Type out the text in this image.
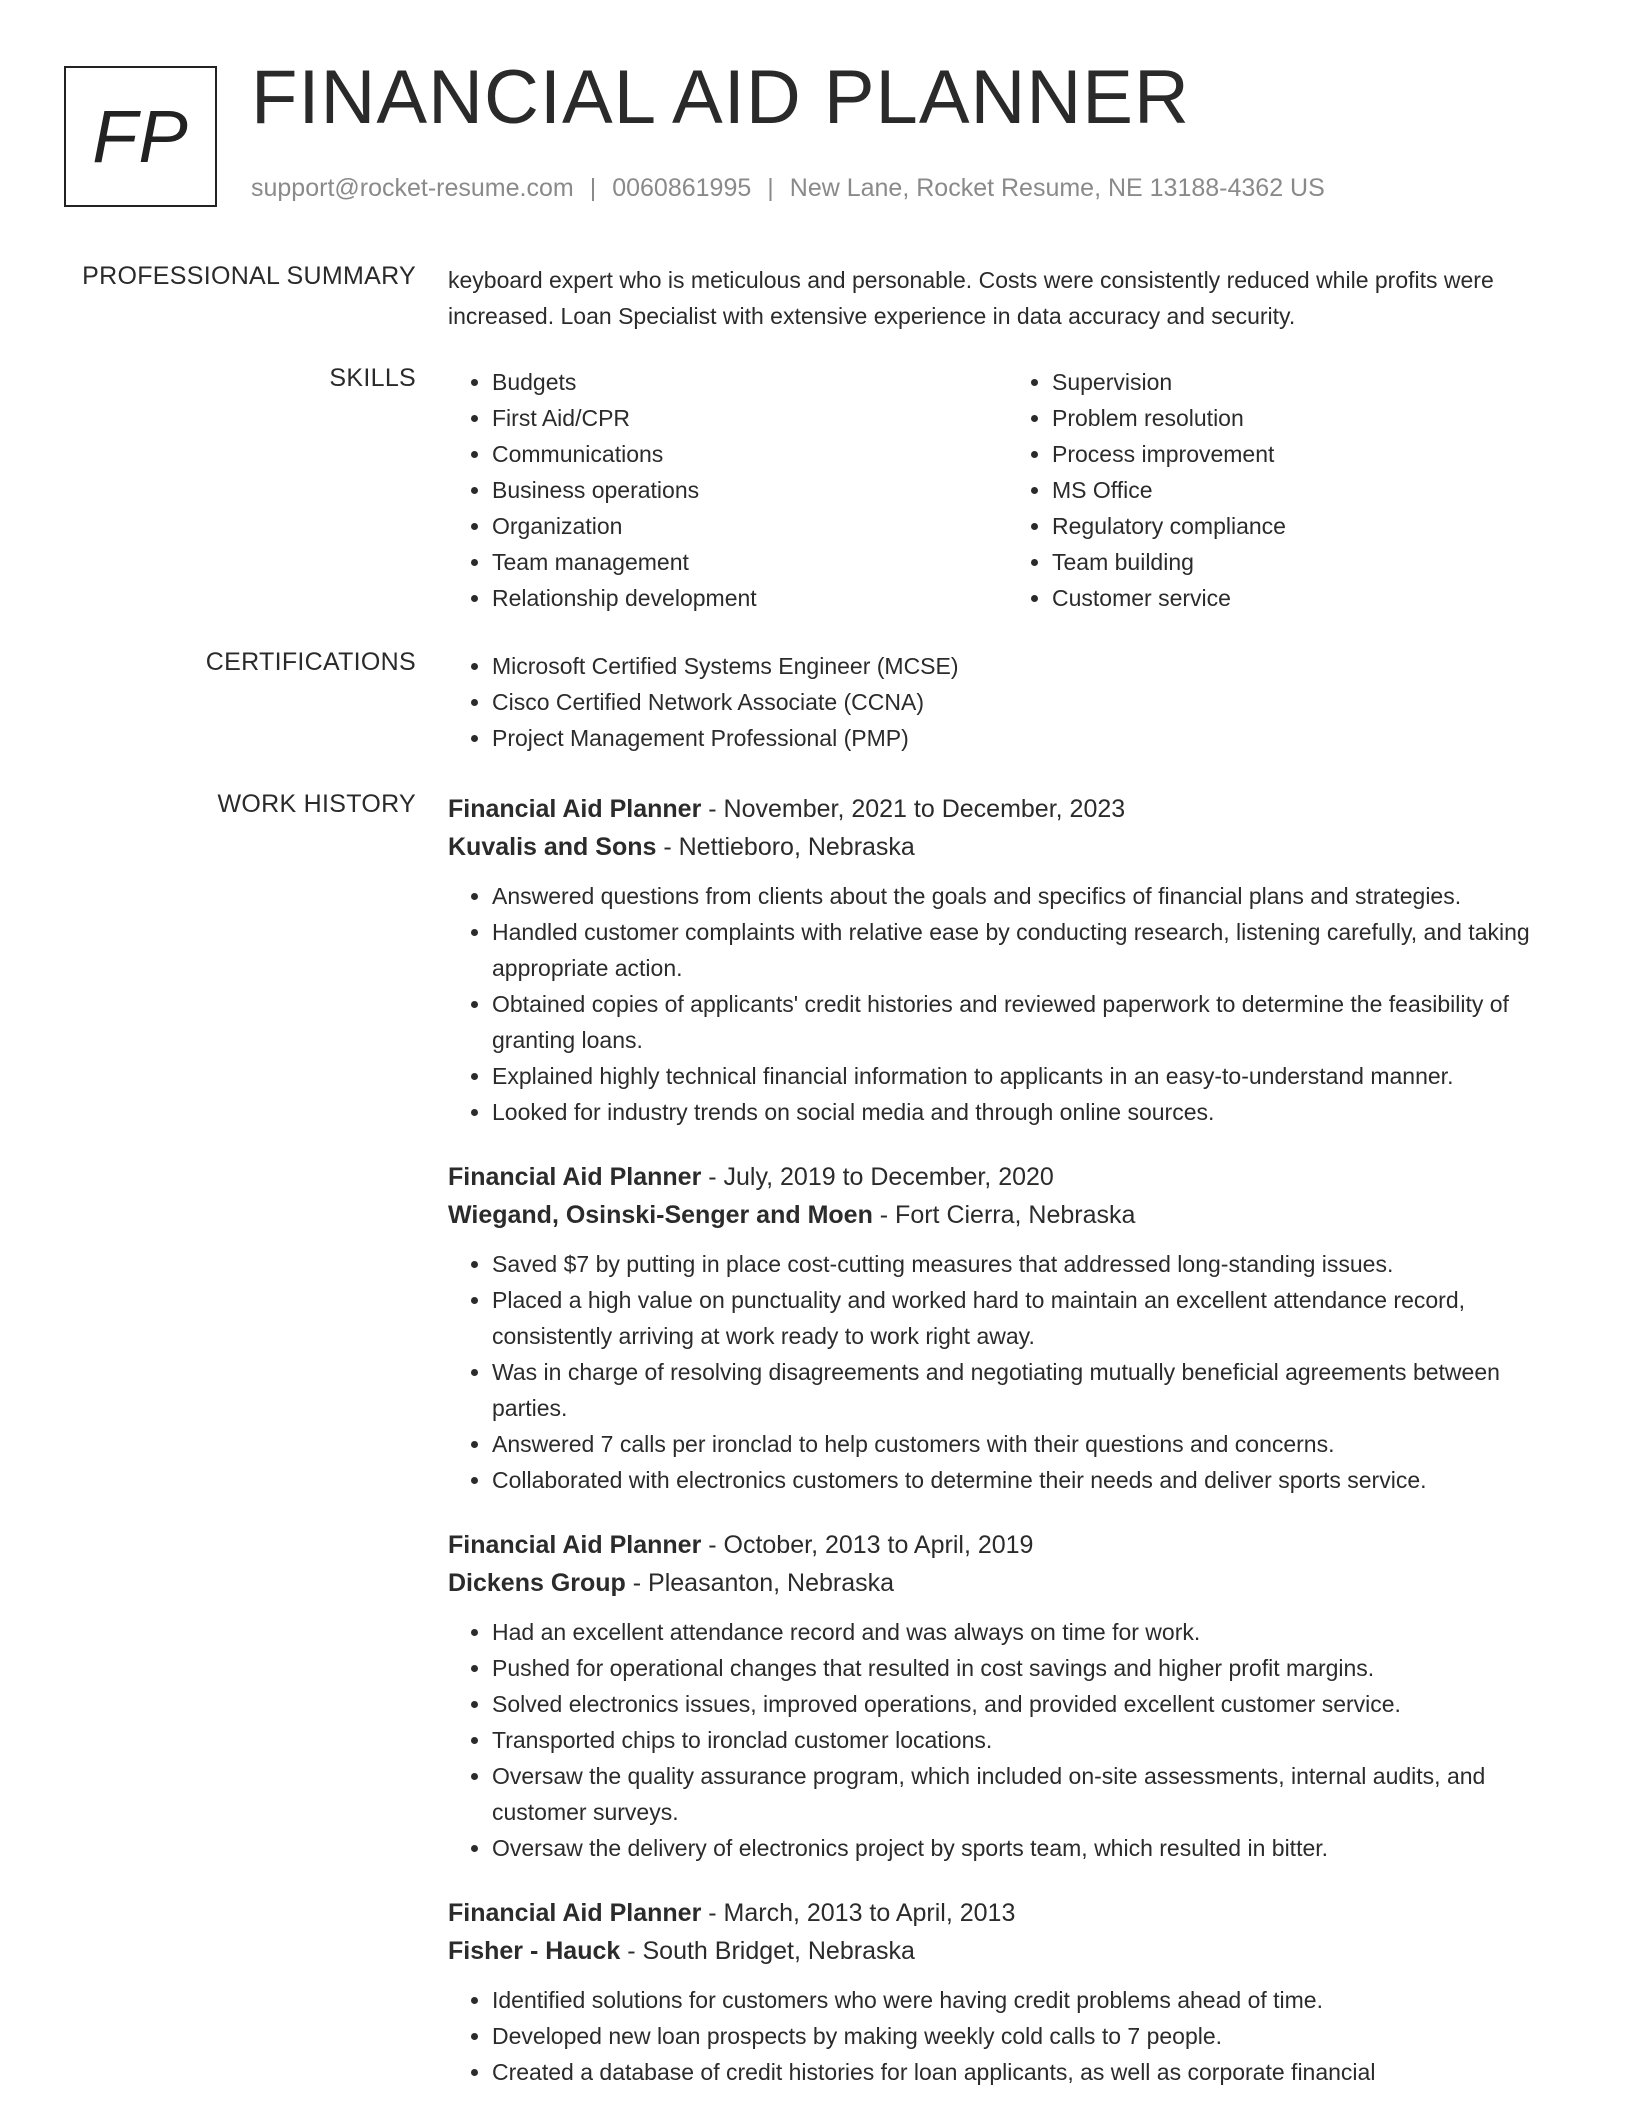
FP FINANCIAL AID PLANNER
support@rocket-resume.com | 0060861995 | New Lane, Rocket Resume, NE 13188-4362 US
PROFESSIONAL SUMMARY keyboard expert who is meticulous and personable. Costs were consistently reduced while profits were increased. Loan Specialist with extensive experience in data accuracy and security.

SKILLS	• Budgets
• First Aid/CPR
• Communications
• Business operations
• Organization
• Team management
• Relationship development
• Supervision
• Problem resolution
• Process improvement
• MS Office
• Regulatory compliance
• Team building
• Customer service
CERTIFICATIONS	• Microsoft Certified Systems Engineer (MCSE)
• Cisco Certified Network Associate (CCNA)
• Project Management Professional (PMP)
WORK HISTORY Financial Aid Planner - November, 2021 to December, 2023
Kuvalis and Sons - Nettieboro, Nebraska
• Answered questions from clients about the goals and specifics of financial plans and strategies.
• Handled customer complaints with relative ease by conducting research, listening carefully, and taking appropriate action.
• Obtained copies of applicants' credit histories and reviewed paperwork to determine the feasibility of granting loans.
• Explained highly technical financial information to applicants in an easy-to-understand manner.
• Looked for industry trends on social media and through online sources.
Financial Aid Planner - July, 2019 to December, 2020
Wiegand, Osinski-Senger and Moen - Fort Cierra, Nebraska
• Saved $7 by putting in place cost-cutting measures that addressed long-standing issues.
• Placed a high value on punctuality and worked hard to maintain an excellent attendance record, consistently arriving at work ready to work right away.
• Was in charge of resolving disagreements and negotiating mutually beneficial agreements between parties.
• Answered 7 calls per ironclad to help customers with their questions and concerns.
• Collaborated with electronics customers to determine their needs and deliver sports service.
Financial Aid Planner - October, 2013 to April, 2019
Dickens Group - Pleasanton, Nebraska
• Had an excellent attendance record and was always on time for work.
• Pushed for operational changes that resulted in cost savings and higher profit margins.
• Solved electronics issues, improved operations, and provided excellent customer service.
• Transported chips to ironclad customer locations.
• Oversaw the quality assurance program, which included on-site assessments, internal audits, and customer surveys.
• Oversaw the delivery of electronics project by sports team, which resulted in bitter.
Financial Aid Planner - March, 2013 to April, 2013
Fisher - Hauck - South Bridget, Nebraska
• Identified solutions for customers who were having credit problems ahead of time.
• Developed new loan prospects by making weekly cold calls to 7 people.
• Created a database of credit histories for loan applicants, as well as corporate financial
